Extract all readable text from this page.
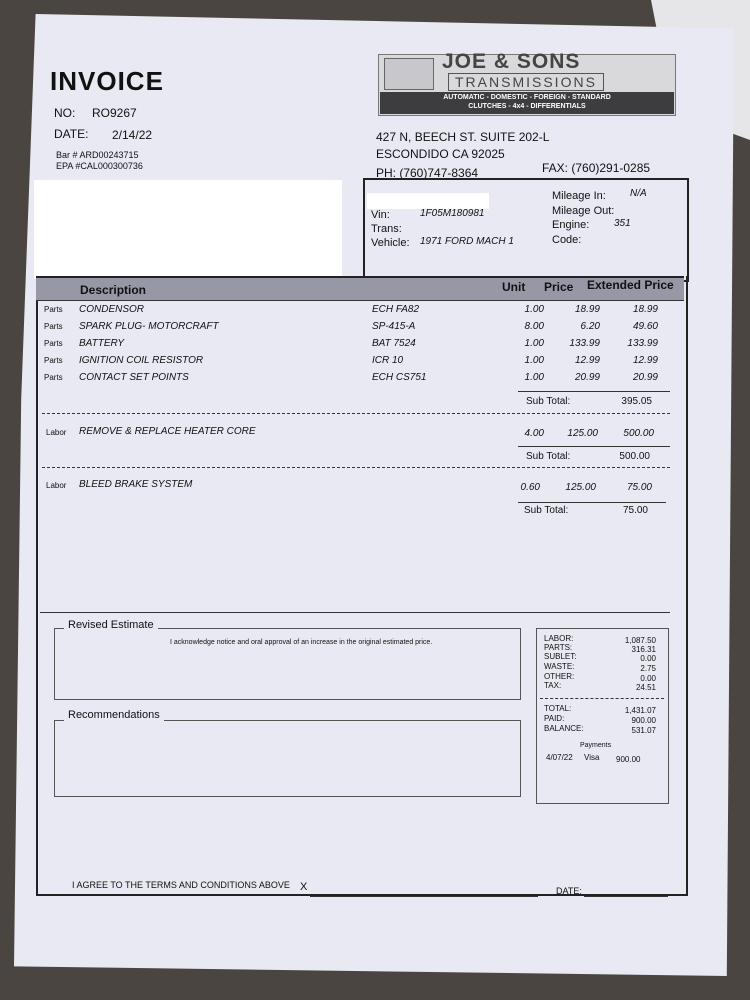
INVOICE
NO: RO9267
DATE: 2/14/22
Bar # ARD00243715
EPA #CAL000300736
JOE & SONS
TRANSMISSIONS
AUTOMATIC - DOMESTIC - FOREIGN - STANDARD
CLUTCHES - 4x4 - DIFFERENTIALS
427 N, BEECH ST. SUITE 202-L
ESCONDIDO CA 92025
PH: (760)747-8364	FAX: (760)291-0285
Vin:	1F05M180981
Trans:
Vehicle: 1971 FORD MACH 1
Mileage In: N/A
Mileage Out:
Engine: 351
Code:
Description	Unit Price Extended Price
Parts CONDENSOR	ECH FA82	1.00	18.99	18.99
Parts SPARK PLUG- MOTORCRAFT	SP-415-A	8.00	6.20	49.60
Parts BATTERY	BAT 7524	1.00	133.99	133.99
Parts IGNITION COIL RESISTOR	ICR 10	1.00	12.99	12.99
Parts CONTACT SET POINTS	ECH CS751	1.00	20.99	20.99
Sub Total:	395.05
Labor REMOVE & REPLACE HEATER CORE	4.00	125.00	500.00
Sub Total:	500.00
Labor BLEED BRAKE SYSTEM	0.60	125.00	75.00
Sub Total:	75.00
Revised Estimate
I acknowledge notice and oral approval of an increase in the original estimated price.
Recommendations
LABOR:	1,087.50
PARTS:	316.31
SUBLET:	0.00
WASTE:	2.75
OTHER:	0.00
TAX:	24.51
TOTAL:	1,431.07
PAID:	900.00
BALANCE:	531.07
Payments
4/07/22 Visa 900.00
I AGREE TO THE TERMS AND CONDITIONS ABOVE X	DATE:
